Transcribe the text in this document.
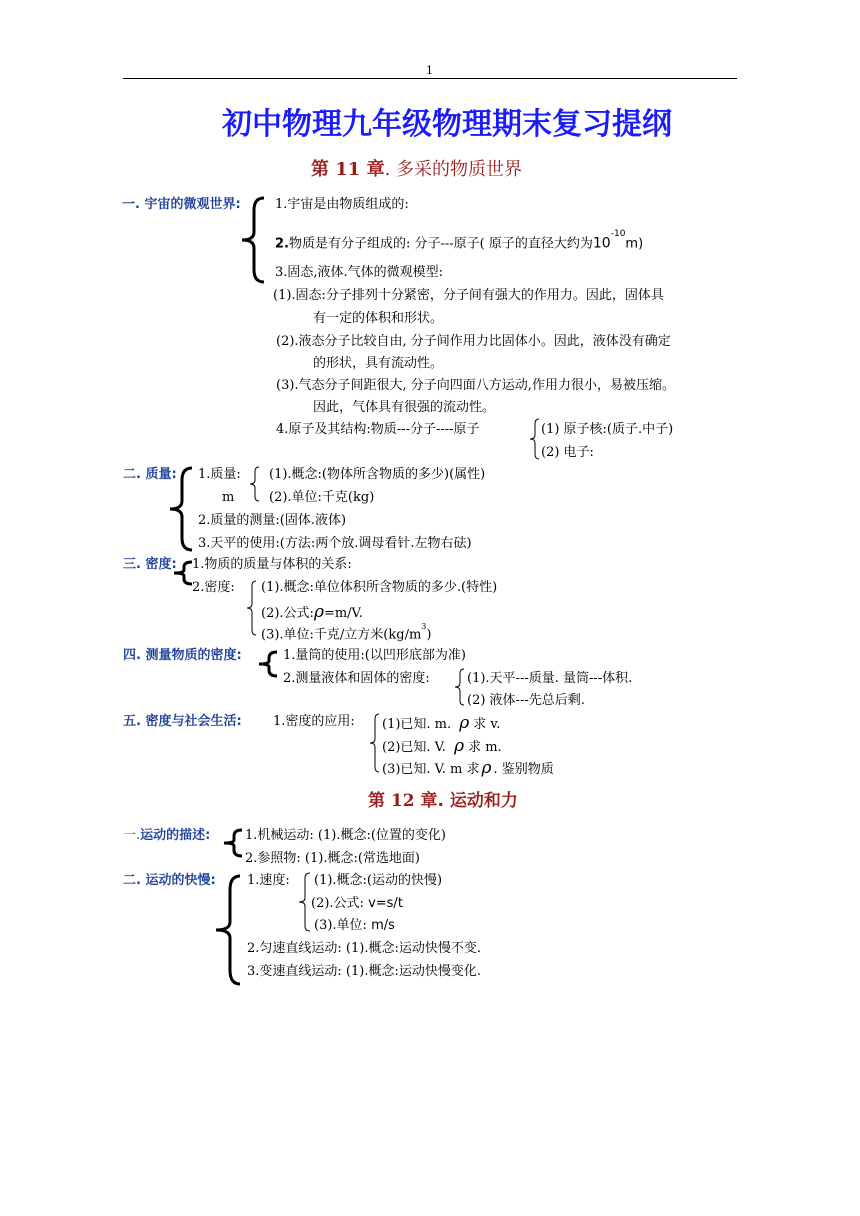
1
初中物理九年级物理期末复习提纲
第 11 章. 多采的物质世界
一. 宇宙的微观世界:	1.宇宙是由物质组成的:
2.物质是有分子组成的: 分子---原子( 原子的直径大约为$10^{-10}m$)
3.固态,液体.气体的微观模型:
(1).固态:分子排列十分紧密，分子间有强大的作用力。因此，固体具
有一定的体积和形状。
(2).液态分子比较自由, 分子间作用力比固体小。因此，液体没有确定
的形状，具有流动性。
(3).气态分子间距很大, 分子向四面八方运动,作用力很小，易被压缩。
因此，气体具有很强的流动性。
4.原子及其结构:物质---分子----原子	(1) 原子核:(质子.中子)
(2) 电子:
二. 质量: 1.质量:
m
(1).概念:(物体所含物质的多少)(属性)
(2).单位:千克(kg)
2.质量的测量:(固体.液体)
3.天平的使用:(方法:两个放.调母看针.左物右砝)
三. 密度: 1.物质的质量与体积的关系:
2.密度: (1).概念:单位体积所含物质的多少.(特性)
(2).公式:ρ=m/V.
(3).单位:千克/立方米$(kg/m^3)$
四. 测量物质的密度:	1.量筒的使用:(以凹形底部为准)
2.测量液体和固体的密度:	(1).天平---质量. 量筒---体积.
(2) 液体---先总后剩.
五. 密度与社会生活: 1.密度的应用: (1)已知. m. ρ 求 v.
(2)已知. V. ρ 求 m.
(3)已知. V. m 求 ρ . 鉴别物质
第 12 章. 运动和力
一.运动的描述:	1.机械运动: (1).概念:(位置的变化)
2.参照物: (1).概念:(常选地面)
二. 运动的快慢: 1.速度: (1).概念:(运动的快慢)
(2).公式: v=s/t
(3).单位: m/s
2.匀速直线运动: (1).概念:运动快慢不变.
3.变速直线运动: (1).概念:运动快慢变化.
